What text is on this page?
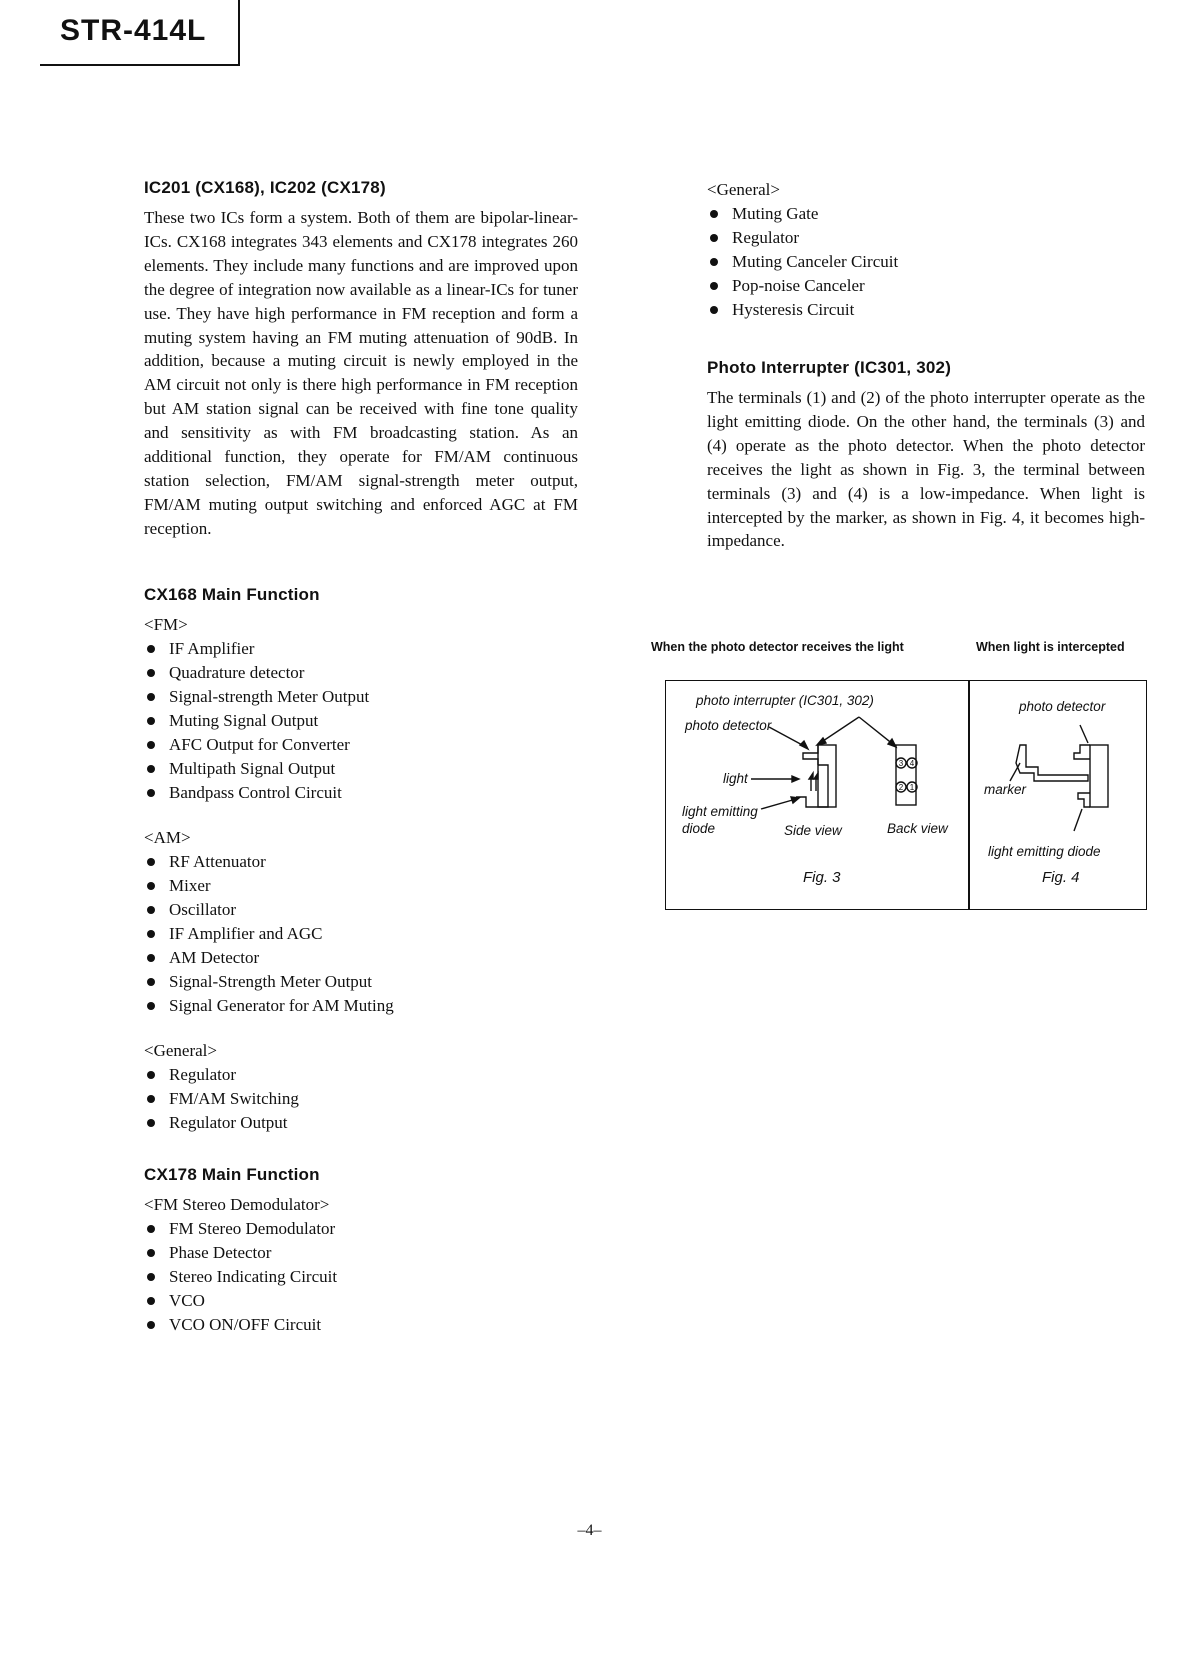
STR-414L
IC201 (CX168), IC202 (CX178)

These two ICs form a system. Both of them are bipolar-linear-ICs. CX168 integrates 343 elements and CX178 integrates 260 elements. They include many functions and are improved upon the degree of integration now available as a linear-ICs for tuner use. They have high performance in FM reception and form a muting system having an FM muting attenuation of 90dB. In addition, because a muting circuit is newly employed in the AM circuit not only is there high performance in FM reception but AM station signal can be received with fine tone quality and sensitivity as with FM broadcasting station. As an additional function, they operate for FM/AM continuous station selection, FM/AM signal-strength meter output, FM/AM muting output switching and enforced AGC at FM reception.

CX168 Main Function
<FM>
IF Amplifier
Quadrature detector
Signal-strength Meter Output
Muting Signal Output
AFC Output for Converter
Multipath Signal Output
Bandpass Control Circuit
<AM>
RF Attenuator
Mixer
Oscillator
IF Amplifier and AGC
AM Detector
Signal-Strength Meter Output
Signal Generator for AM Muting
<General>
Regulator
FM/AM Switching
Regulator Output
CX178 Main Function
<FM Stereo Demodulator>
FM Stereo Demodulator
Phase Detector
Stereo Indicating Circuit
VCO
VCO ON/OFF Circuit
<General>
Muting Gate
Regulator
Muting Canceler Circuit
Pop-noise Canceler
Hysteresis Circuit
Photo Interrupter (IC301, 302)

The terminals (1) and (2) of the photo interrupter operate as the light emitting diode. On the other hand, the terminals (3) and (4) operate as the photo detector. When the photo detector receives the light as shown in Fig. 3, the terminal between terminals (3) and (4) is a low-impedance. When light is intercepted by the marker, as shown in Fig. 4, it becomes high-impedance.

When the photo detector receives the light	When light is intercepted
photo interrupter (IC301, 302)
photo detector
light
light emitting
diode	Side view	Back view
Fig. 3
3 4
2 1
photo detector
marker
light emitting diode
Fig. 4
–4–
